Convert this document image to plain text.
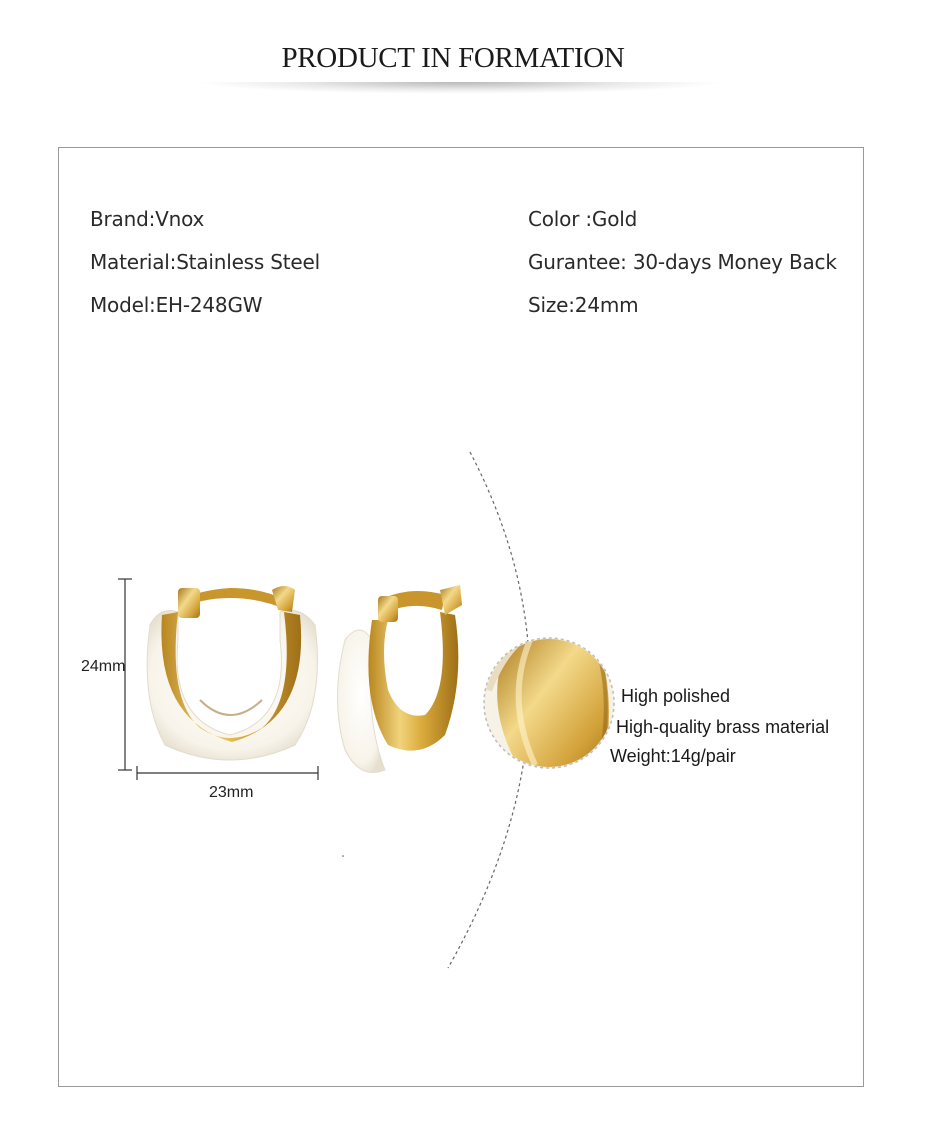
PRODUCT IN FORMATION
Brand:Vnox
Material:Stainless Steel
Model:EH-248GW
Color :Gold
Gurantee: 30-days Money Back
Size:24mm
24mm
23mm
High polished
High-quality brass material
Weight:14g/pair
